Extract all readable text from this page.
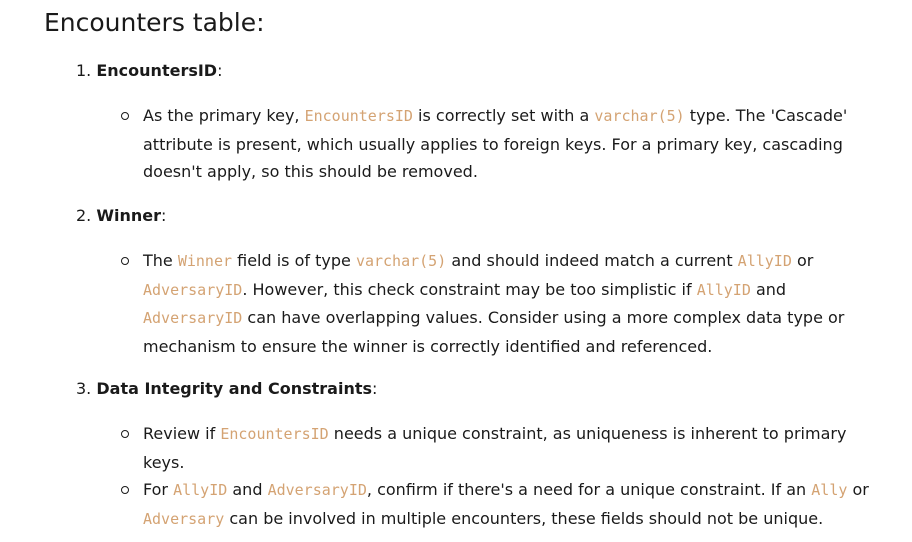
Encounters table:
1. EncountersID:
As the primary key, EncountersID is correctly set with a varchar(5) type. The 'Cascade' attribute is present, which usually applies to foreign keys. For a primary key, cascading doesn't apply, so this should be removed.
2. Winner:
The Winner field is of type varchar(5) and should indeed match a current AllyID or AdversaryID. However, this check constraint may be too simplistic if AllyID and AdversaryID can have overlapping values. Consider using a more complex data type or mechanism to ensure the winner is correctly identified and referenced.
3. Data Integrity and Constraints:
Review if EncountersID needs a unique constraint, as uniqueness is inherent to primary keys.
For AllyID and AdversaryID, confirm if there's a need for a unique constraint. If an Ally or Adversary can be involved in multiple encounters, these fields should not be unique.
